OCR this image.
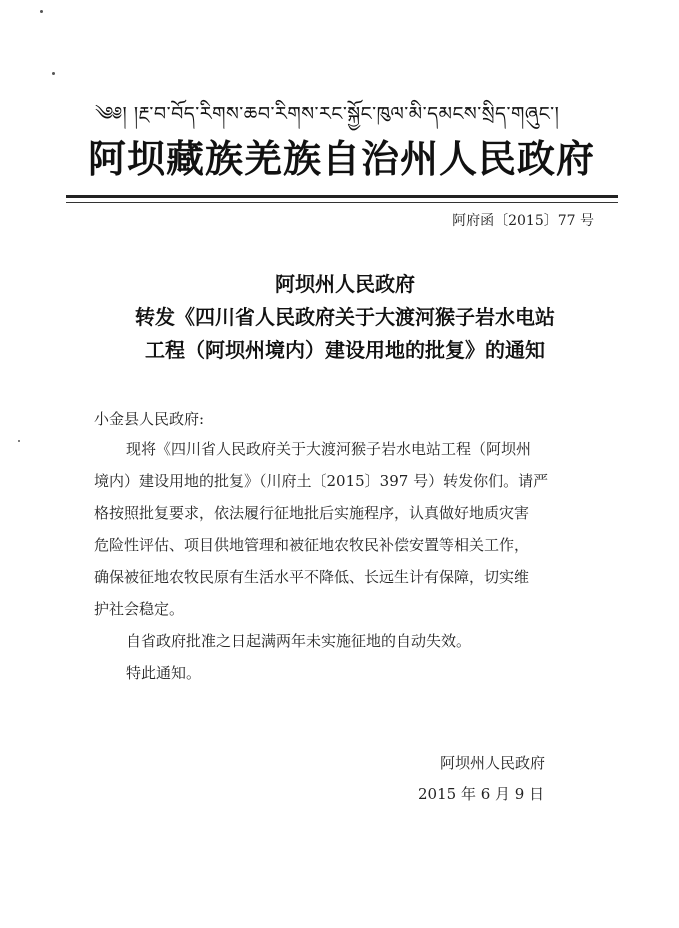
༄༅། །རྔ་བ་བོད་རིགས་ཆབ་རིགས་རང་སྐྱོང་ཁུལ་མི་དམངས་སྲིད་གཞུང་།
阿坝藏族羌族自治州人民政府
阿府函〔2015〕77 号
阿坝州人民政府
转发《四川省人民政府关于大渡河猴子岩水电站
工程（阿坝州境内）建设用地的批复》的通知
小金县人民政府:
现将《四川省人民政府关于大渡河猴子岩水电站工程（阿坝州
境内）建设用地的批复》（川府土〔2015〕397 号）转发你们。请严
格按照批复要求，依法履行征地批后实施程序，认真做好地质灾害
危险性评估、项目供地管理和被征地农牧民补偿安置等相关工作，
确保被征地农牧民原有生活水平不降低、长远生计有保障，切实维
护社会稳定。
自省政府批准之日起满两年未实施征地的自动失效。
特此通知。
阿坝州人民政府
2015 年 6 月 9 日
